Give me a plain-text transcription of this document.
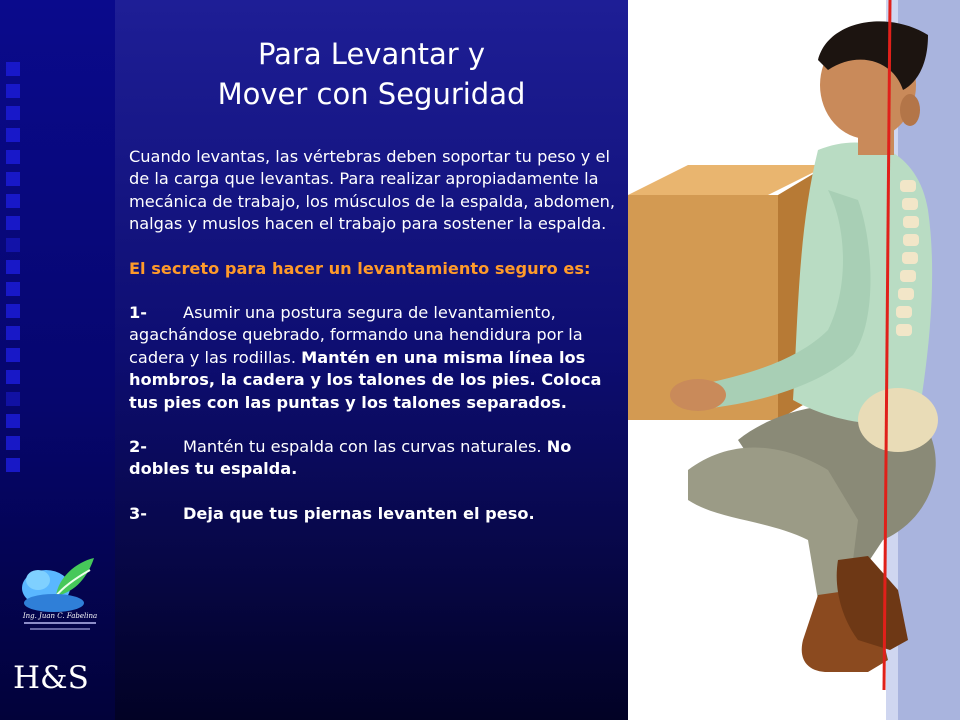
Ing. Juan C. Fabelina
H&S
Para Levantar y
Mover con Seguridad

Cuando levantas, las vértebras deben soportar tu peso y el de la carga que levantas. Para realizar apropiadamente la mecánica de trabajo, los músculos de la espalda, abdomen, nalgas y muslos hacen el trabajo para sostener la espalda.

El secreto para hacer un levantamiento seguro es:

1- Asumir una postura segura de levantamiento, agachándose quebrado, formando una hendidura por la cadera y las rodillas. Mantén en una misma línea los hombros, la cadera y los talones de los pies. Coloca tus pies con las puntas y los talones separados.

2- Mantén tu espalda con las curvas naturales. No dobles tu espalda.

3- Deja que tus piernas levanten el peso.
